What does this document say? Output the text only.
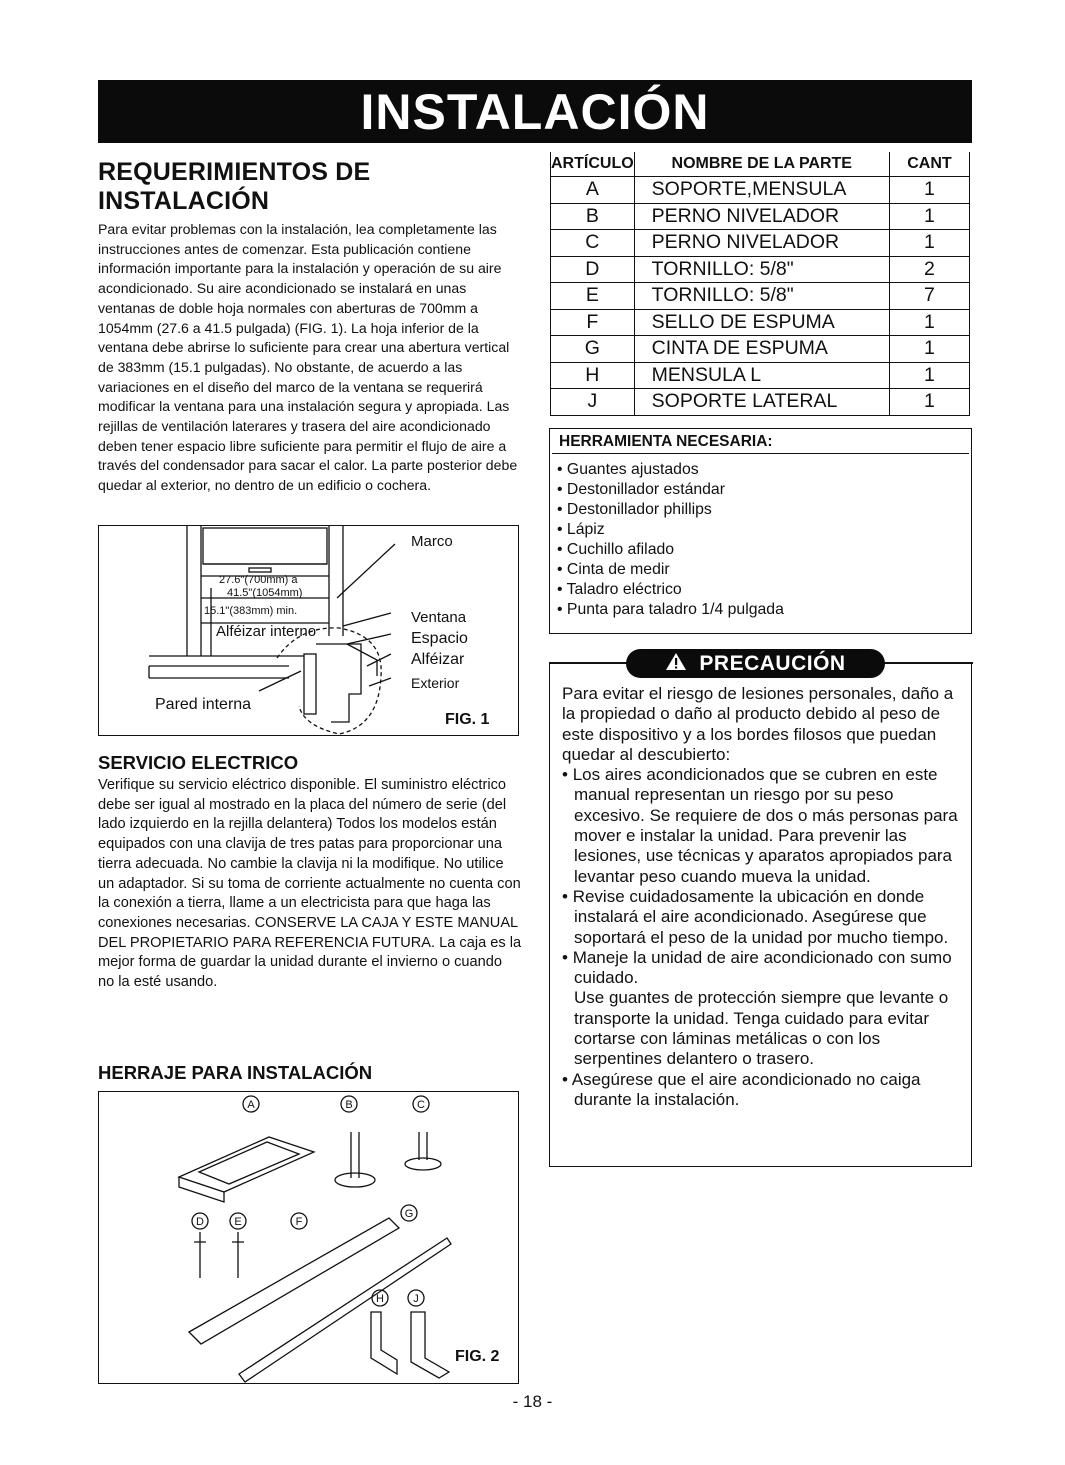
INSTALACIÓN
REQUERIMIENTOS DE INSTALACIÓN

Para evitar problemas con la instalación, lea completamente las instrucciones antes de comenzar. Esta publicación contiene información importante para la instalación y operación de su aire acondicionado. Su aire acondicionado se instalará en unas ventanas de doble hoja normales con aberturas de 700mm a 1054mm (27.6 a 41.5 pulgada) (FIG. 1). La hoja inferior de la ventana debe abrirse lo suficiente para crear una abertura vertical de 383mm (15.1 pulgadas). No obstante, de acuerdo a las variaciones en el diseño del marco de la ventana se requerirá modificar la ventana para una instalación segura y apropiada. Las rejillas de ventilación laterares y trasera del aire acondicionado deben tener espacio libre suficiente para permitir el flujo de aire a través del condensador para sacar el calor. La parte posterior debe quedar al exterior, no dentro de un edificio o cochera.

27.6"(700mm) a
41.5"(1054mm)
15.1"(383mm) min.
Alféizar interno
Marco
Ventana
Espacio
Alféizar
Exterior
Pared interna
FIG. 1
SERVICIO ELECTRICO

Verifique su servicio eléctrico disponible. El suministro eléctrico debe ser igual al mostrado en la placa del número de serie (del lado izquierdo en la rejilla delantera) Todos los modelos están equipados con una clavija de tres patas para proporcionar una tierra adecuada. No cambie la clavija ni la modifique. No utilice un adaptador. Si su toma de corriente actualmente no cuenta con la conexión a tierra, llame a un electricista para que haga las conexiones necesarias. CONSERVE LA CAJA Y ESTE MANUAL DEL PROPIETARIO PARA REFERENCIA FUTURA. La caja es la mejor forma de guardar la unidad durante el invierno o cuando no la esté usando.

HERRAJE PARA INSTALACIÓN
A	B	C
D	E	F
G
H	J
FIG. 2
ARTÍCULO	NOMBRE DE LA PARTE	CANT
A	SOPORTE,MENSULA	1
B	PERNO NIVELADOR	1
C	PERNO NIVELADOR	1
D	TORNILLO: 5/8"	2
E	TORNILLO: 5/8"	7
F	SELLO DE ESPUMA	1
G	CINTA DE ESPUMA	1
H	MENSULA L	1
J	SOPORTE LATERAL	1
HERRAMIENTA NECESARIA:
• Guantes ajustados
• Destonillador estándar
• Destonillador phillips
• Lápiz
• Cuchillo afilado
• Cinta de medir
• Taladro eléctrico
• Punta para taladro 1/4 pulgada
PRECAUCIÓN

Para evitar el riesgo de lesiones personales, daño a la propiedad o daño al producto debido al peso de este dispositivo y a los bordes filosos que puedan quedar al descubierto:

• Los aires acondicionados que se cubren en este manual representan un riesgo por su peso excesivo. Se requiere de dos o más personas para mover e instalar la unidad. Para prevenir las lesiones, use técnicas y aparatos apropiados para levantar peso cuando mueva la unidad.
• Revise cuidadosamente la ubicación en donde instalará el aire acondicionado. Asegúrese que soportará el peso de la unidad por mucho tiempo.
• Maneje la unidad de aire acondicionado con sumo cuidado.
Use guantes de protección siempre que levante o transporte la unidad. Tenga cuidado para evitar cortarse con láminas metálicas o con los serpentines delantero o trasero.
• Asegúrese que el aire acondicionado no caiga durante la instalación.
- 18 -
